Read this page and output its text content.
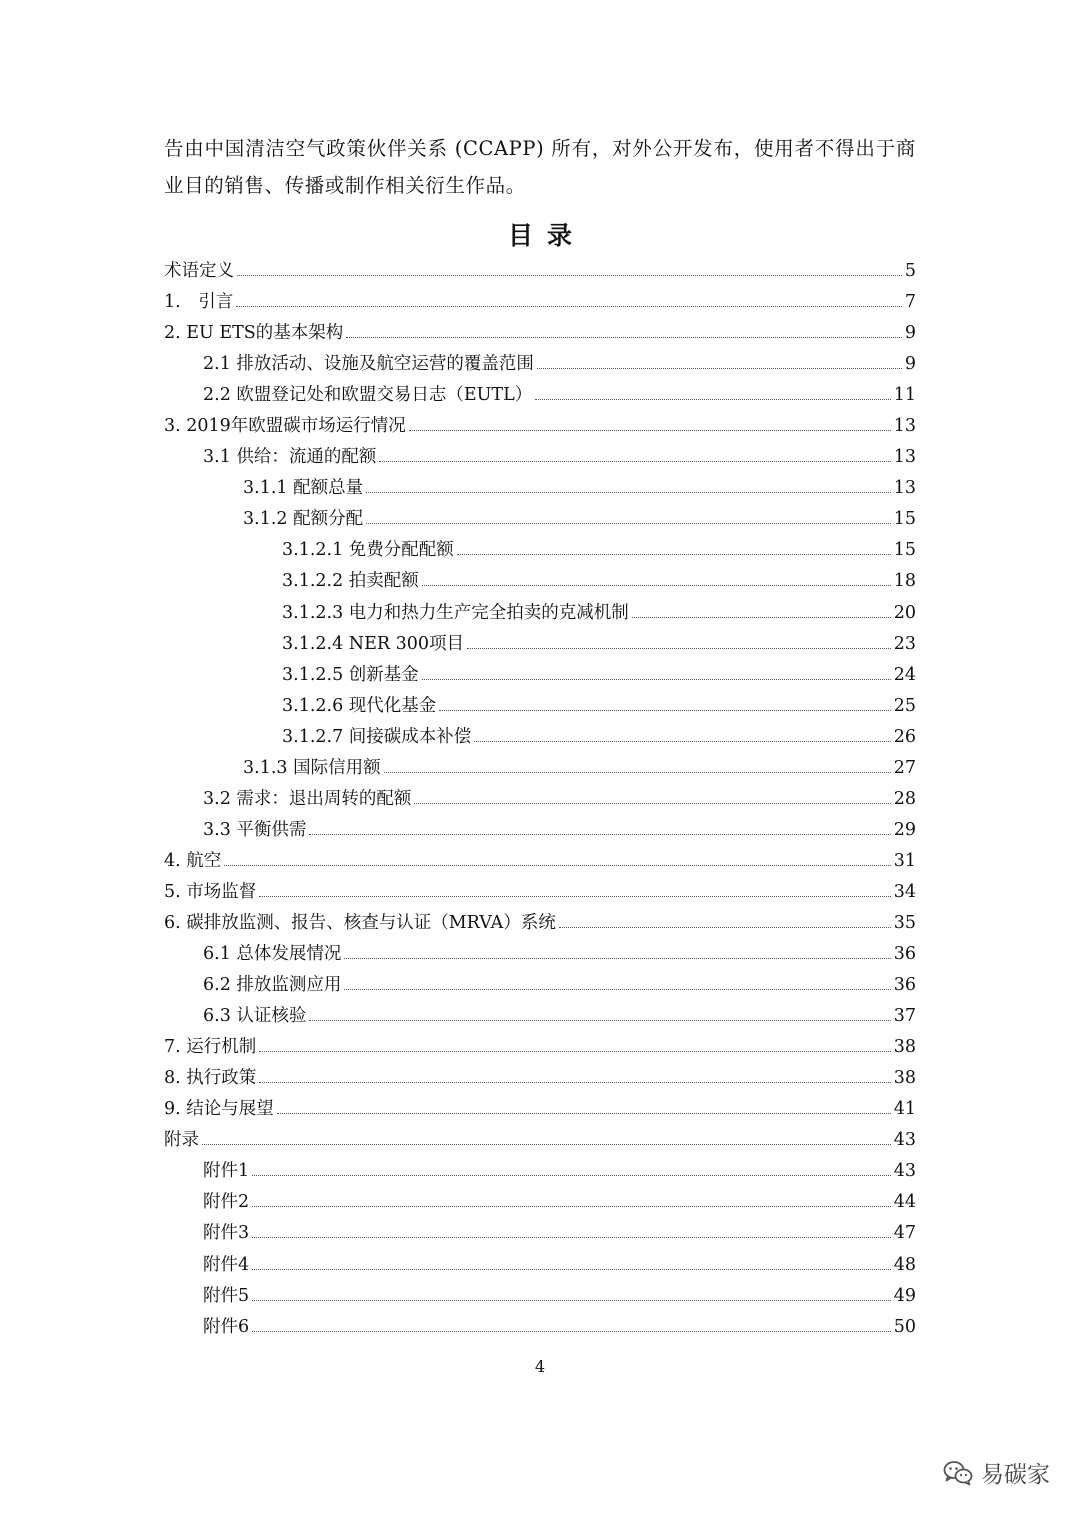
告由中国清洁空气政策伙伴关系 (CCAPP) 所有，对外公开发布，使用者不得出于商业目的销售、传播或制作相关衍生作品。
目录
术语定义	5
1.　引言	7
2. EU ETS的基本架构	9
2.1 排放活动、设施及航空运营的覆盖范围	9
2.2 欧盟登记处和欧盟交易日志（EUTL）	11
3. 2019年欧盟碳市场运行情况	13
3.1 供给：流通的配额	13
3.1.1 配额总量	13
3.1.2 配额分配	15
3.1.2.1 免费分配配额	15
3.1.2.2 拍卖配额	18
3.1.2.3 电力和热力生产完全拍卖的克减机制	20
3.1.2.4 NER 300项目	23
3.1.2.5 创新基金	24
3.1.2.6 现代化基金	25
3.1.2.7 间接碳成本补偿	26
3.1.3 国际信用额	27
3.2 需求：退出周转的配额	28
3.3 平衡供需	29
4. 航空	31
5. 市场监督	34
6. 碳排放监测、报告、核查与认证（MRVA）系统	35
6.1 总体发展情况	36
6.2 排放监测应用	36
6.3 认证核验	37
7. 运行机制	38
8. 执行政策	38
9. 结论与展望	41
附录	43
附件1	43
附件2	44
附件3	47
附件4	48
附件5	49
附件6	50
4
易碳家
